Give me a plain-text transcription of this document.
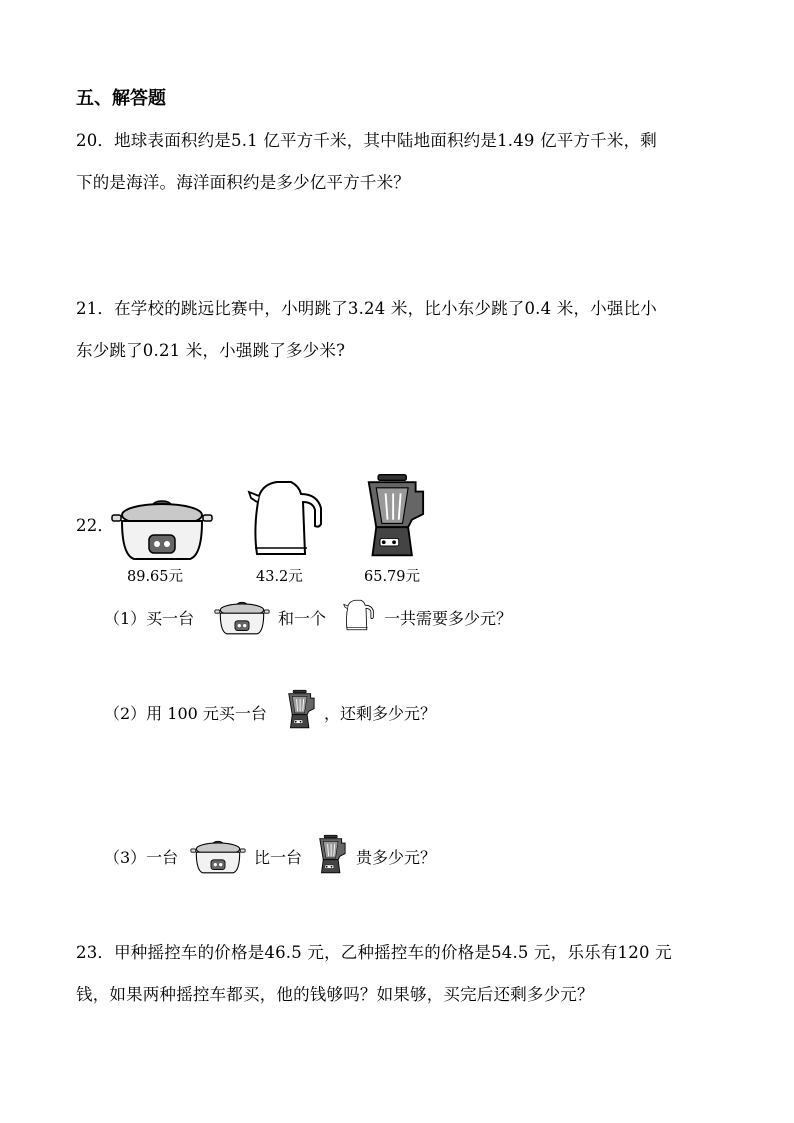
五、解答题
20．地球表面积约是5.1 亿平方千米，其中陆地面积约是1.49 亿平方千米，剩
下的是海洋。海洋面积约是多少亿平方千米？
21．在学校的跳远比赛中，小明跳了3.24 米，比小东少跳了0.4 米，小强比小
东少跳了0.21 米，小强跳了多少米?
22．
89.65元	43.2元	65.79元
（1）买一台	和一个	一共需要多少元？
（2）用 100 元买一台	，还剩多少元？
（3）一台	比一台	贵多少元？
23．甲种摇控车的价格是46.5 元，乙种摇控车的价格是54.5 元，乐乐有120 元
钱，如果两种摇控车都买，他的钱够吗？如果够，买完后还剩多少元？
